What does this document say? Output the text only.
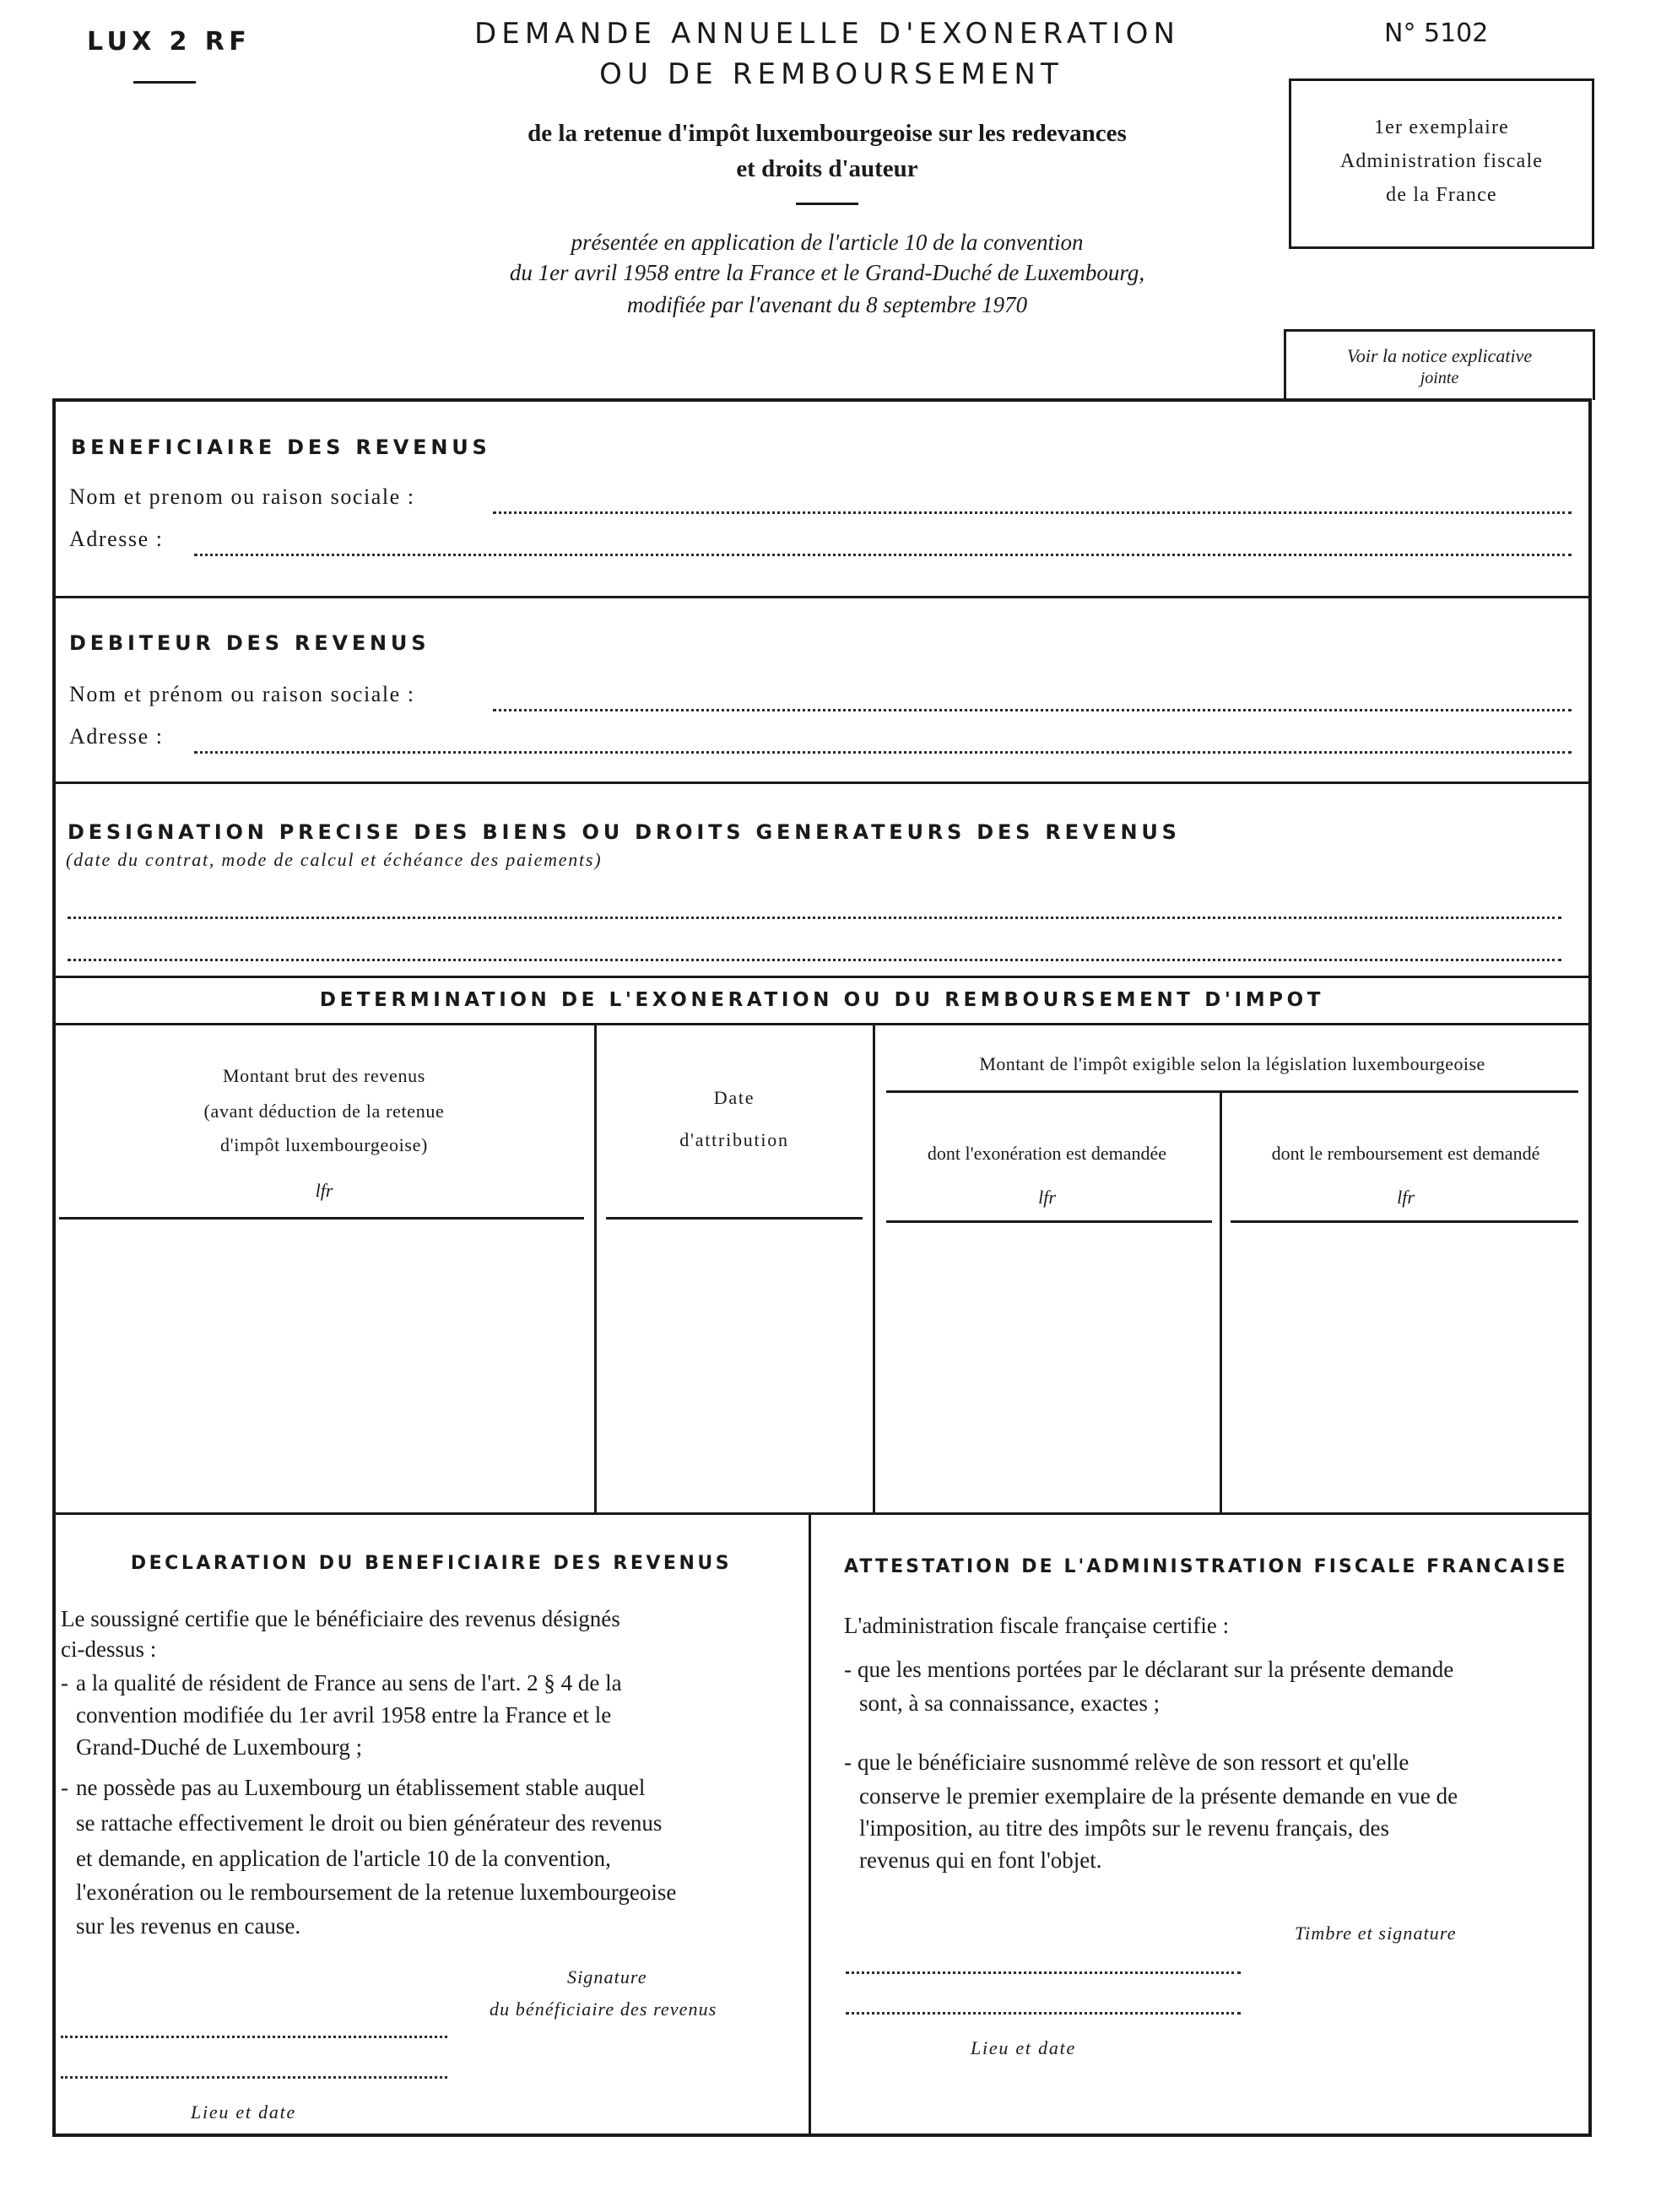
LUX 2 RF	DEMANDE ANNUELLE D'EXONERATION
OU DE REMBOURSEMENT
N° 5102
de la retenue d'impôt luxembourgeoise sur les redevances
et droits d'auteur
présentée en application de l'article 10 de la convention
du 1er avril 1958 entre la France et le Grand-Duché de Luxembourg,
modifiée par l'avenant du 8 septembre 1970
1er exemplaire
Administration fiscale
de la France
Voir la notice explicative
jointe
BENEFICIAIRE DES REVENUS
Nom et prenom ou raison sociale :
Adresse :
DEBITEUR DES REVENUS
Nom et prénom ou raison sociale :
Adresse :
DESIGNATION PRECISE DES BIENS OU DROITS GENERATEURS DES REVENUS
(date du contrat, mode de calcul et échéance des paiements)
DETERMINATION DE L'EXONERATION OU DU REMBOURSEMENT D'IMPOT
Montant brut des revenus
(avant déduction de la retenue
d'impôt luxembourgeoise)
lfr
Date
d'attribution
Montant de l'impôt exigible selon la législation luxembourgeoise
dont l'exonération est demandée
lfr
dont le remboursement est demandé
lfr
DECLARATION DU BENEFICIAIRE DES REVENUS
Le soussigné certifie que le bénéficiaire des revenus désignés
ci-dessus :
- a la qualité de résident de France au sens de l'art. 2 § 4 de la
convention modifiée du 1er avril 1958 entre la France et le
Grand-Duché de Luxembourg ;
- ne possède pas au Luxembourg un établissement stable auquel
se rattache effectivement le droit ou bien générateur des revenus
et demande, en application de l'article 10 de la convention,
l'exonération ou le remboursement de la retenue luxembourgeoise
sur les revenus en cause.
Signature
du bénéficiaire des revenus
Lieu et date
ATTESTATION DE L'ADMINISTRATION FISCALE FRANCAISE
L'administration fiscale française certifie :
- que les mentions portées par le déclarant sur la présente demande
sont, à sa connaissance, exactes ;
- que le bénéficiaire susnommé relève de son ressort et qu'elle
conserve le premier exemplaire de la présente demande en vue de
l'imposition, au titre des impôts sur le revenu français, des
revenus qui en font l'objet.
Timbre et signature
Lieu et date
